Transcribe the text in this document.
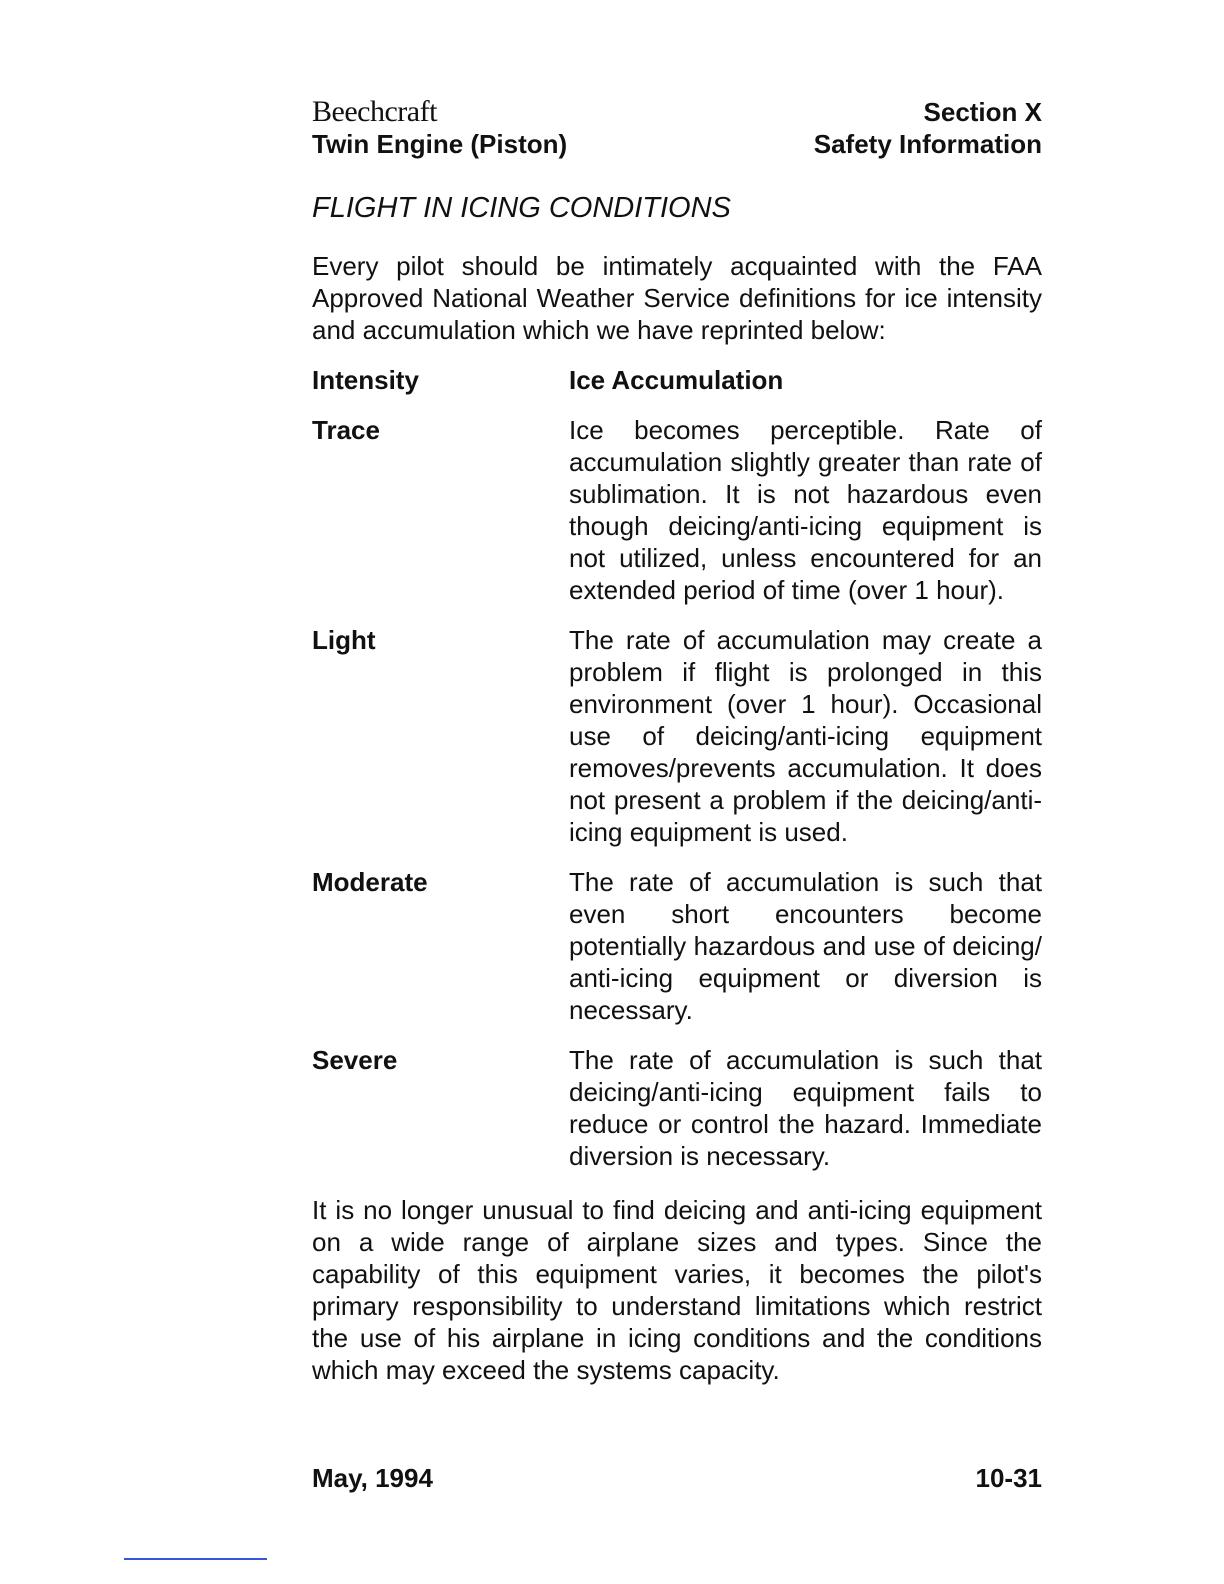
Beechcraft
Twin Engine (Piston)
Section X
Safety Information
FLIGHT IN ICING CONDITIONS
Every pilot should be intimately acquainted with the FAA Approved National Weather Service definitions for ice intensity and accumulation which we have reprinted below:
Intensity	Ice Accumulation
Trace	Ice becomes perceptible. Rate of accumulation slightly greater than rate of sublimation. It is not hazardous even though deicing/anti-icing equipment is not utilized, unless encountered for an extended period of time (over 1 hour).
Light	The rate of accumulation may create a problem if flight is prolonged in this environment (over 1 hour). Occasional use of deicing/anti-icing equipment removes/prevents accumulation. It does not present a problem if the deicing/anti-icing equipment is used.
Moderate	The rate of accumulation is such that even short encounters become potentially hazardous and use of deicing/ anti-icing equipment or diversion is necessary.
Severe	The rate of accumulation is such that deicing/anti-icing equipment fails to reduce or control the hazard. Immediate diversion is necessary.
It is no longer unusual to find deicing and anti-icing equipment on a wide range of airplane sizes and types. Since the capability of this equipment varies, it becomes the pilot's primary responsibility to understand limitations which restrict the use of his airplane in icing conditions and the conditions which may exceed the systems capacity.
May, 1994	10-31
